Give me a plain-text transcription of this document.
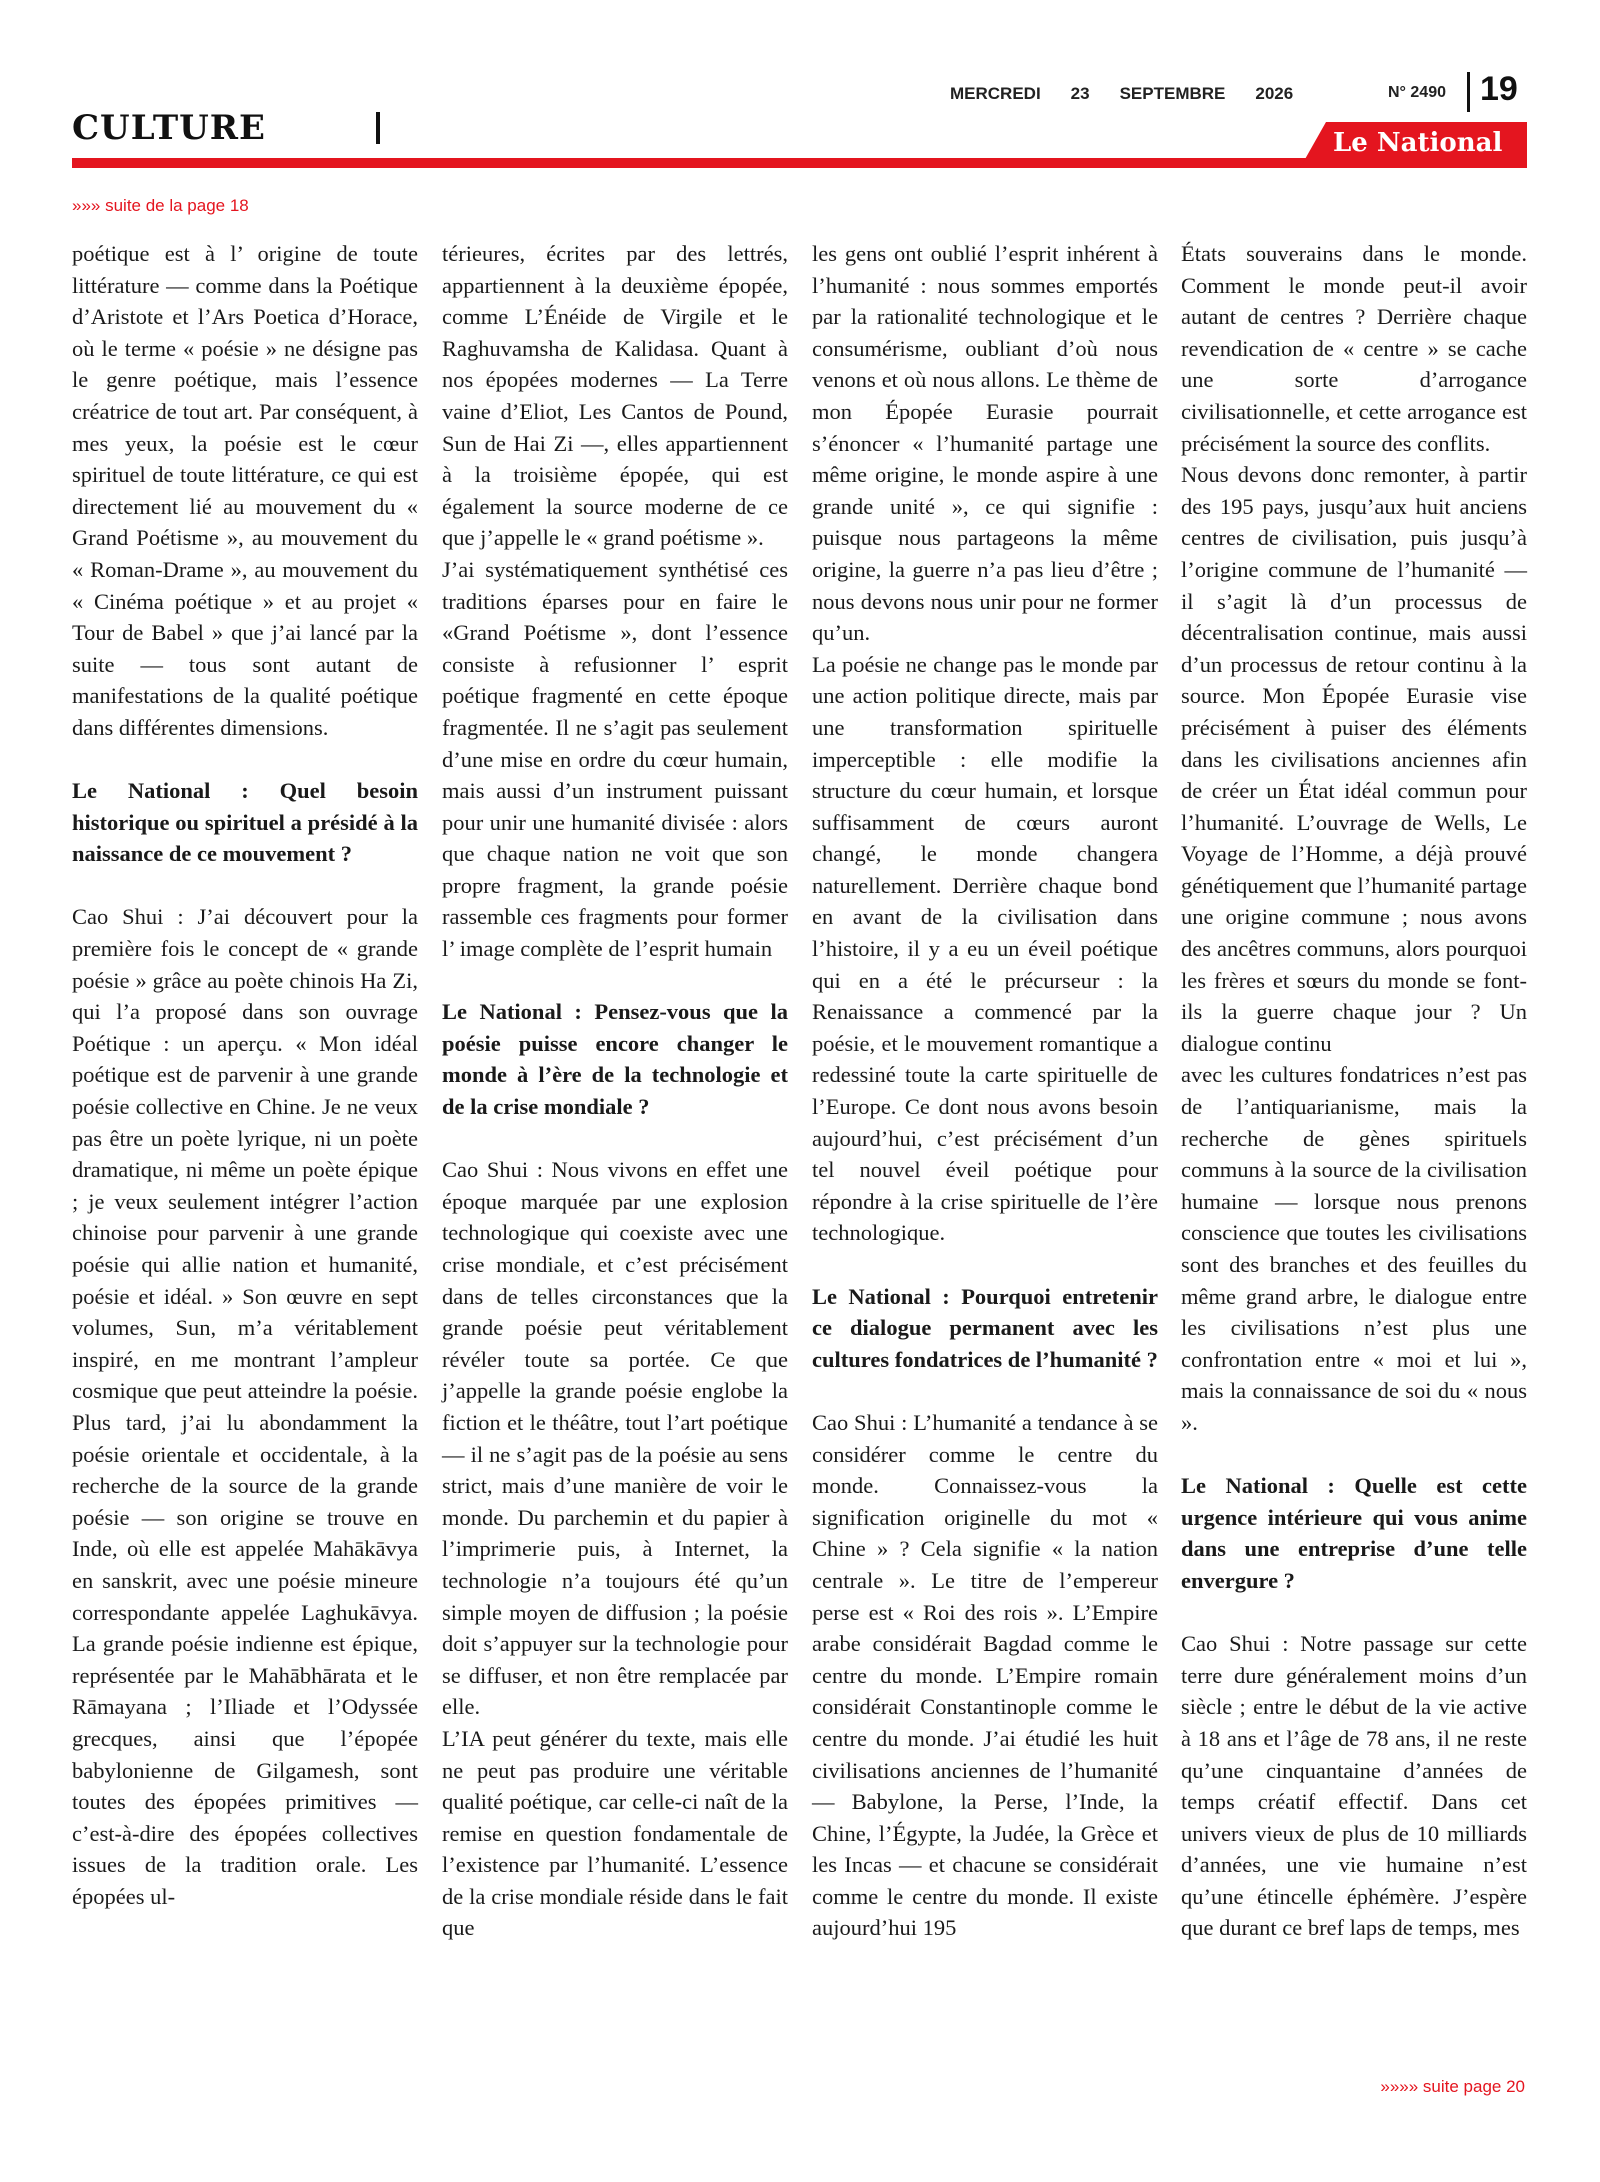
CULTURE
MERCREDI 23 SEPTEMBRE 2026	N° 2490 19
Le National
»»» suite de la page 18

poétique est à l’ origine de toute littérature — comme dans la Poétique d’Aristote et l’Ars Poetica d’Horace, où le terme « poésie » ne désigne pas le genre poétique, mais l’essence créatrice de tout art. Par conséquent, à mes yeux, la poésie est le cœur spirituel de toute littérature, ce qui est directement lié au mouvement du « Grand Poétisme », au mouvement du « Roman-Drame », au mouvement du « Cinéma poétique » et au projet « Tour de Babel » que j’ai lancé par la suite — tous sont autant de manifestations de la qualité poétique dans différentes dimensions.

Le National : Quel besoin historique ou spirituel a présidé à la naissance de ce mouvement ?

Cao Shui : J’ai découvert pour la première fois le concept de « grande poésie » grâce au poète chinois Ha Zi, qui l’a proposé dans son ouvrage Poétique : un aperçu. « Mon idéal poétique est de parvenir à une grande poésie collective en Chine. Je ne veux pas être un poète lyrique, ni un poète dramatique, ni même un poète épique ; je veux seulement intégrer l’action chinoise pour parvenir à une grande poésie qui allie nation et humanité, poésie et idéal. » Son œuvre en sept volumes, Sun, m’a véritablement inspiré, en me montrant l’ampleur cosmique que peut atteindre la poésie. Plus tard, j’ai lu abondamment la poésie orientale et occidentale, à la recherche de la source de la grande poésie — son origine se trouve en Inde, où elle est appelée Mahākāvya en sanskrit, avec une poésie mineure correspondante appelée Laghukāvya. La grande poésie indienne est épique, représentée par le Mahābhārata et le Rāmayana ; l’Iliade et l’Odyssée grecques, ainsi que l’épopée babylonienne de Gilgamesh, sont toutes des épopées primitives — c’est-à-dire des épopées collectives issues de la tradition orale. Les épopées ul-

térieures, écrites par des lettrés, appartiennent à la deuxième épopée, comme L’Énéide de Virgile et le Raghuvamsha de Kalidasa. Quant à nos épopées modernes — La Terre vaine d’Eliot, Les Cantos de Pound, Sun de Hai Zi —, elles appartiennent à la troisième épopée, qui est également la source moderne de ce que j’appelle le « grand poétisme ».

J’ai systématiquement synthétisé ces traditions éparses pour en faire le «Grand Poétisme », dont l’essence consiste à refusionner l’ esprit poétique fragmenté en cette époque fragmentée. Il ne s’agit pas seulement d’une mise en ordre du cœur humain, mais aussi d’un instrument puissant pour unir une humanité divisée : alors que chaque nation ne voit que son propre fragment, la grande poésie rassemble ces fragments pour former l’ image complète de l’esprit humain

Le National : Pensez-vous que la poésie puisse encore changer le monde à l’ère de la technologie et de la crise mondiale ?

Cao Shui : Nous vivons en effet une époque marquée par une explosion technologique qui coexiste avec une crise mondiale, et c’est précisément dans de telles circonstances que la grande poésie peut véritablement révéler toute sa portée. Ce que j’appelle la grande poésie englobe la fiction et le théâtre, tout l’art poétique — il ne s’agit pas de la poésie au sens strict, mais d’une manière de voir le monde. Du parchemin et du papier à l’imprimerie puis, à Internet, la technologie n’a toujours été qu’un simple moyen de diffusion ; la poésie doit s’appuyer sur la technologie pour se diffuser, et non être remplacée par elle.

L’IA peut générer du texte, mais elle ne peut pas produire une véritable qualité poétique, car celle-ci naît de la remise en question fondamentale de l’existence par l’humanité. L’essence de la crise mondiale réside dans le fait que

les gens ont oublié l’esprit inhérent à l’humanité : nous sommes emportés par la rationalité technologique et le consumérisme, oubliant d’où nous venons et où nous allons. Le thème de mon Épopée Eurasie pourrait s’énoncer « l’humanité partage une même origine, le monde aspire à une grande unité », ce qui signifie : puisque nous partageons la même origine, la guerre n’a pas lieu d’être ; nous devons nous unir pour ne former qu’un.

La poésie ne change pas le monde par une action politique directe, mais par une transformation spirituelle imperceptible : elle modifie la structure du cœur humain, et lorsque suffisamment de cœurs auront changé, le monde changera naturellement. Derrière chaque bond en avant de la civilisation dans l’histoire, il y a eu un éveil poétique qui en a été le précurseur : la Renaissance a commencé par la poésie, et le mouvement romantique a redessiné toute la carte spirituelle de l’Europe. Ce dont nous avons besoin aujourd’hui, c’est précisément d’un tel nouvel éveil poétique pour répondre à la crise spirituelle de l’ère technologique.

Le National : Pourquoi entretenir ce dialogue permanent avec les cultures fondatrices de l’humanité ?

Cao Shui : L’humanité a tendance à se considérer comme le centre du monde. Connaissez-vous la signification originelle du mot « Chine » ? Cela signifie « la nation centrale ». Le titre de l’empereur perse est « Roi des rois ». L’Empire arabe considérait Bagdad comme le centre du monde. L’Empire romain considérait Constantinople comme le centre du monde. J’ai étudié les huit civilisations anciennes de l’humanité — Babylone, la Perse, l’Inde, la Chine, l’Égypte, la Judée, la Grèce et les Incas — et chacune se considérait comme le centre du monde. Il existe aujourd’hui 195

États souverains dans le monde. Comment le monde peut-il avoir autant de centres ? Derrière chaque revendication de « centre » se cache une sorte d’arrogance civilisationnelle, et cette arrogance est précisément la source des conflits.

Nous devons donc remonter, à partir des 195 pays, jusqu’aux huit anciens centres de civilisation, puis jusqu’à l’origine commune de l’humanité — il s’agit là d’un processus de décentralisation continue, mais aussi d’un processus de retour continu à la source. Mon Épopée Eurasie vise précisément à puiser des éléments dans les civilisations anciennes afin de créer un État idéal commun pour l’humanité. L’ouvrage de Wells, Le Voyage de l’Homme, a déjà prouvé génétiquement que l’humanité partage une origine commune ; nous avons des ancêtres communs, alors pourquoi les frères et sœurs du monde se font-ils la guerre chaque jour ? Un dialogue continu

avec les cultures fondatrices n’est pas de l’antiquarianisme, mais la recherche de gènes spirituels communs à la source de la civilisation humaine — lorsque nous prenons conscience que toutes les civilisations sont des branches et des feuilles du même grand arbre, le dialogue entre les civilisations n’est plus une confrontation entre « moi et lui », mais la connaissance de soi du « nous ».

Le National : Quelle est cette urgence intérieure qui vous anime dans une entreprise d’une telle envergure ?

Cao Shui : Notre passage sur cette terre dure généralement moins d’un siècle ; entre le début de la vie active à 18 ans et l’âge de 78 ans, il ne reste qu’une cinquantaine d’années de temps créatif effectif. Dans cet univers vieux de plus de 10 milliards d’années, une vie humaine n’est qu’une étincelle éphémère. J’espère que durant ce bref laps de temps, mes

»»»» suite page 20
